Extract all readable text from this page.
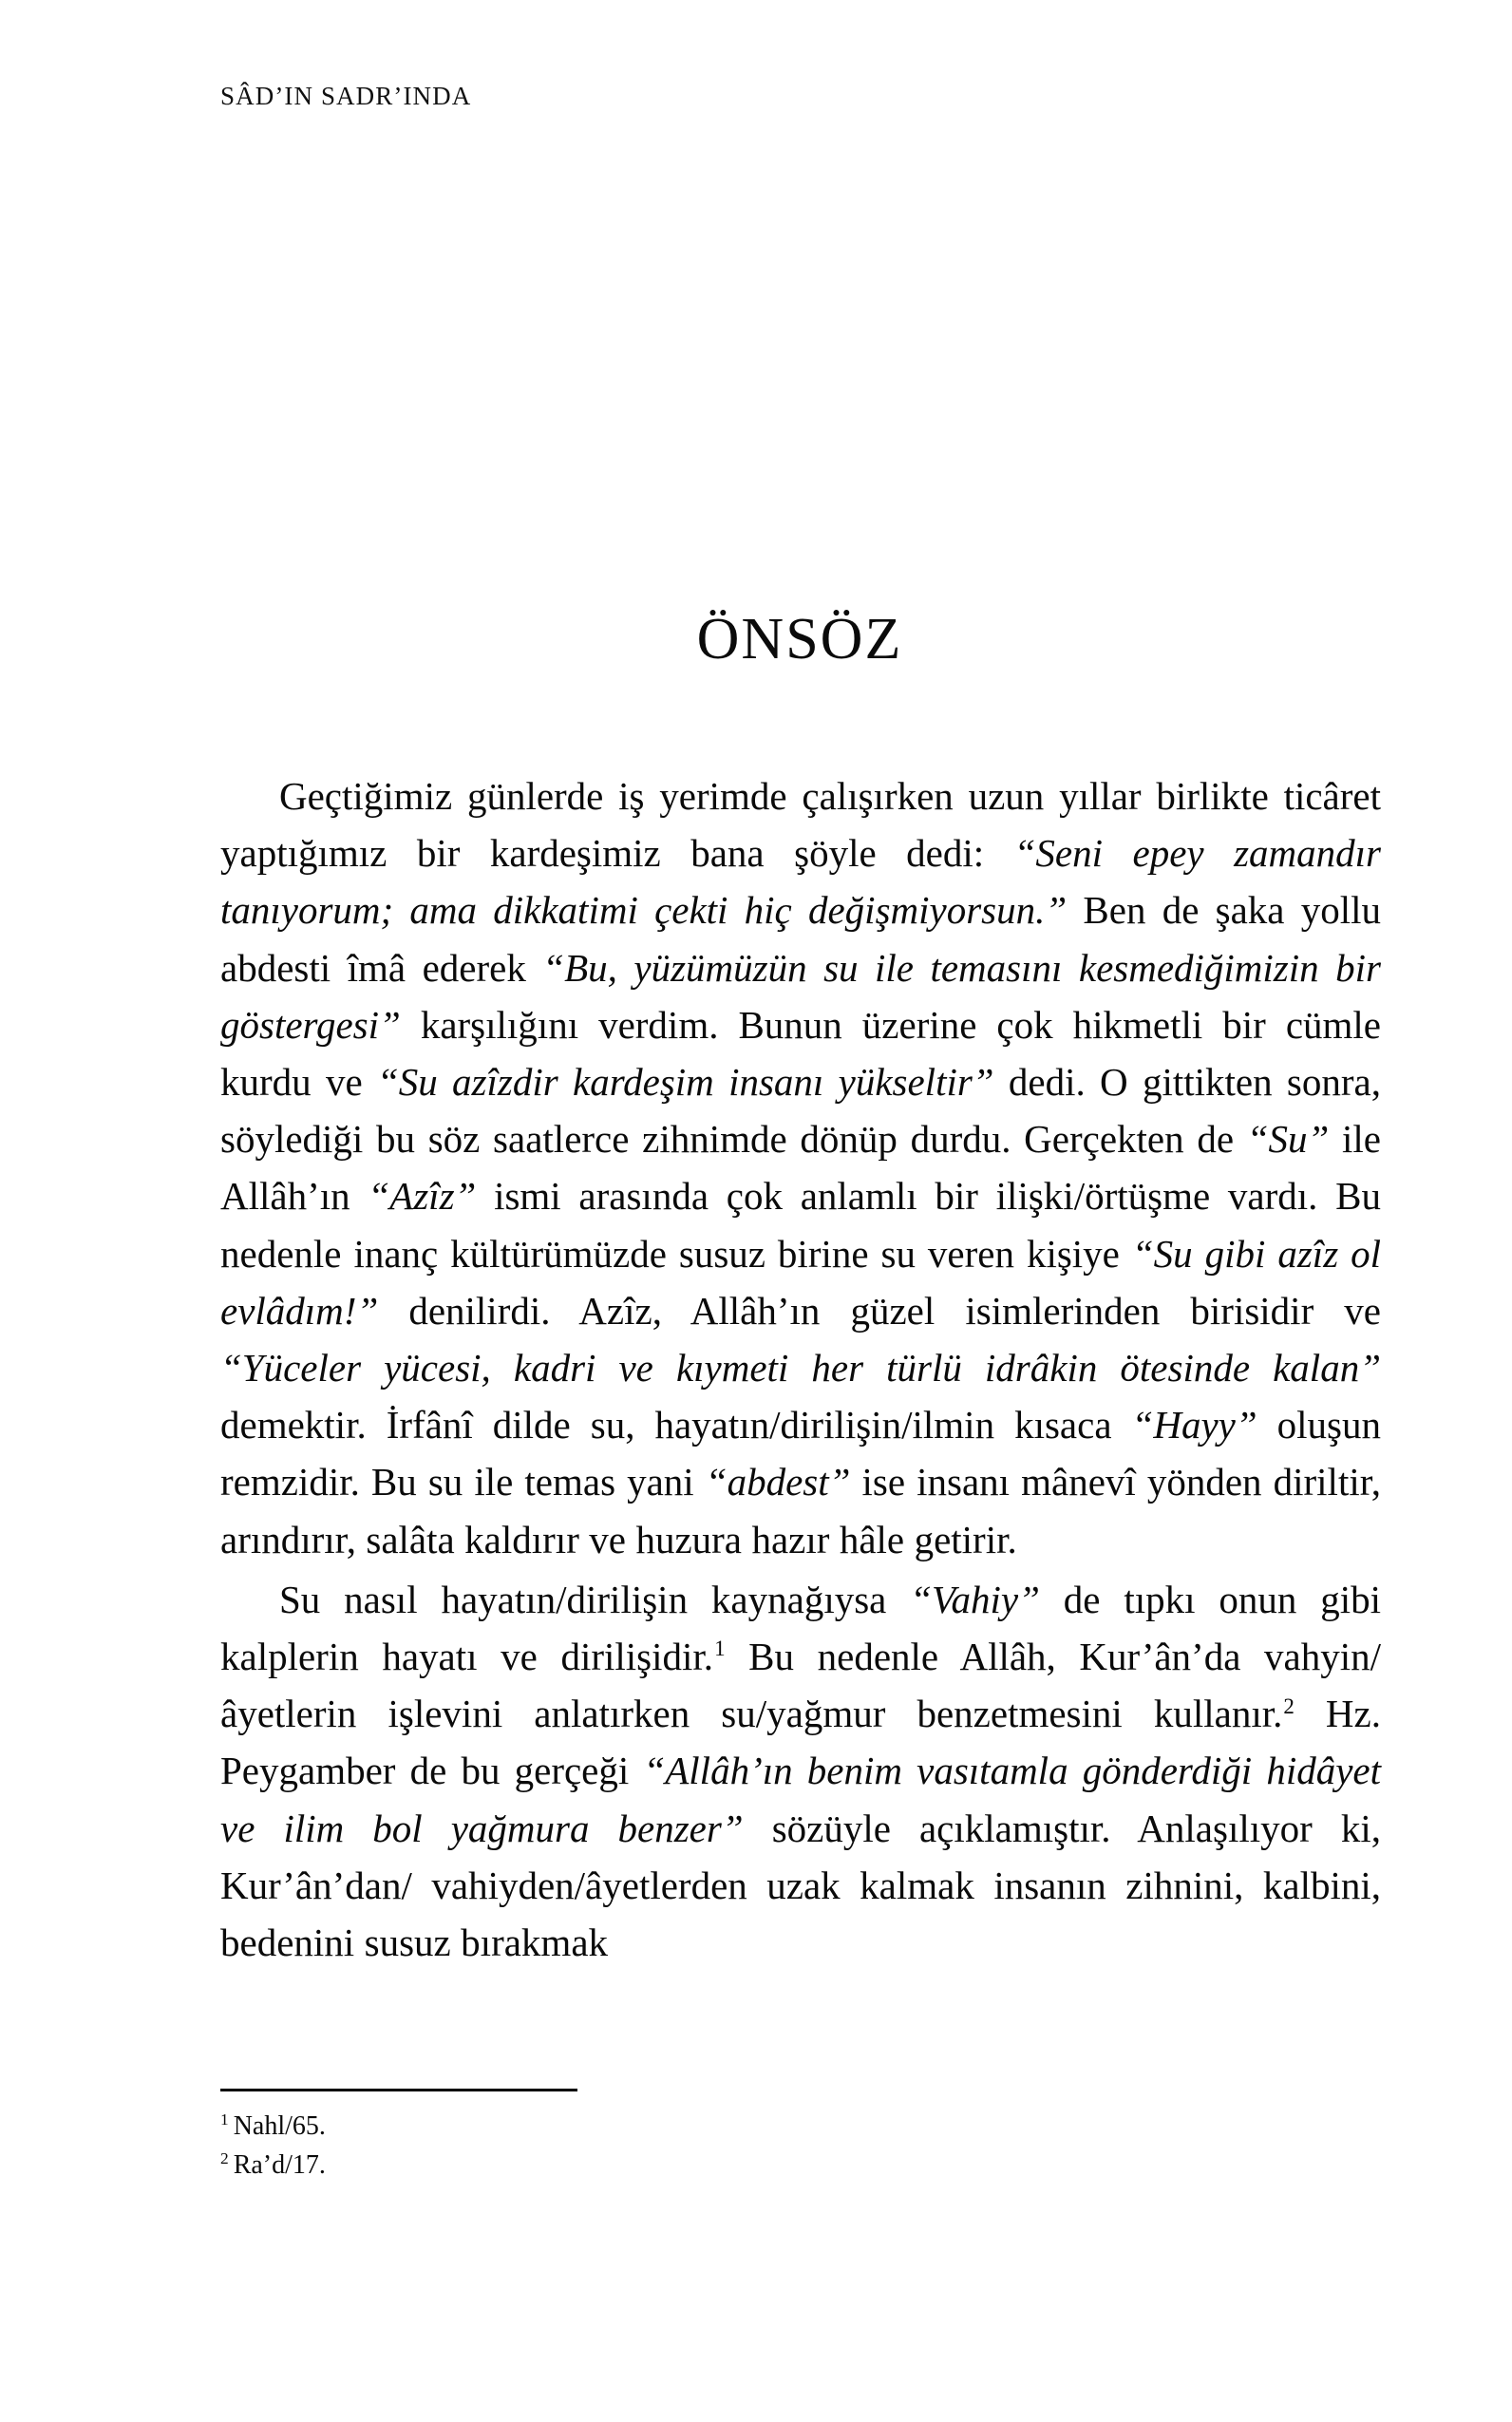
SÂD’IN SADR’INDA
ÖNSÖZ

Geçtiğimiz günlerde iş yerimde çalışırken uzun yıllar birlikte ticâret yaptığımız bir kardeşimiz bana şöyle dedi: “Seni epey zamandır tanıyorum; ama dikkatimi çekti hiç değişmiyorsun.” Ben de şaka yollu abdesti îmâ ederek “Bu, yüzümüzün su ile temasını kesmediğimizin bir göstergesi” karşılığını verdim. Bunun üzerine çok hikmetli bir cümle kurdu ve “Su azîzdir kardeşim insanı yükseltir” dedi. O gittikten sonra, söylediği bu söz saatlerce zihnimde dönüp durdu. Gerçekten de “Su” ile Allâh’ın “Azîz” ismi arasında çok anlamlı bir ilişki/örtüşme vardı. Bu nedenle inanç kültürümüzde susuz birine su veren kişiye “Su gibi azîz ol evlâdım!” denilirdi. Azîz, Allâh’ın güzel isimlerinden birisidir ve “Yüceler yücesi, kadri ve kıymeti her türlü idrâkin ötesinde kalan” demektir. İrfânî dilde su, hayatın/dirilişin/ilmin kısaca “Hayy” oluşun remzidir. Bu su ile temas yani “abdest” ise insanı mânevî yönden diriltir, arındırır, salâta kaldırır ve huzura hazır hâle getirir.

Su nasıl hayatın/dirilişin kaynağıysa “Vahiy” de tıpkı onun gibi kalplerin hayatı ve dirilişidir.$^1$ Bu nedenle Allâh, Kur’ân’da vahyin/âyetlerin işlevini anlatırken su/yağmur benzetmesini kullanır.$^2$ Hz. Peygamber de bu gerçeği “Allâh’ın benim vasıtamla gönderdiği hidâyet ve ilim bol yağmura benzer” sözüyle açıklamıştır. Anlaşılıyor ki, Kur’ân’dan/ vahiyden/âyetlerden uzak kalmak insanın zihnini, kalbini, bedenini susuz bırakmak

$^1$ Nahl/65.

$^2$ Ra’d/17.
